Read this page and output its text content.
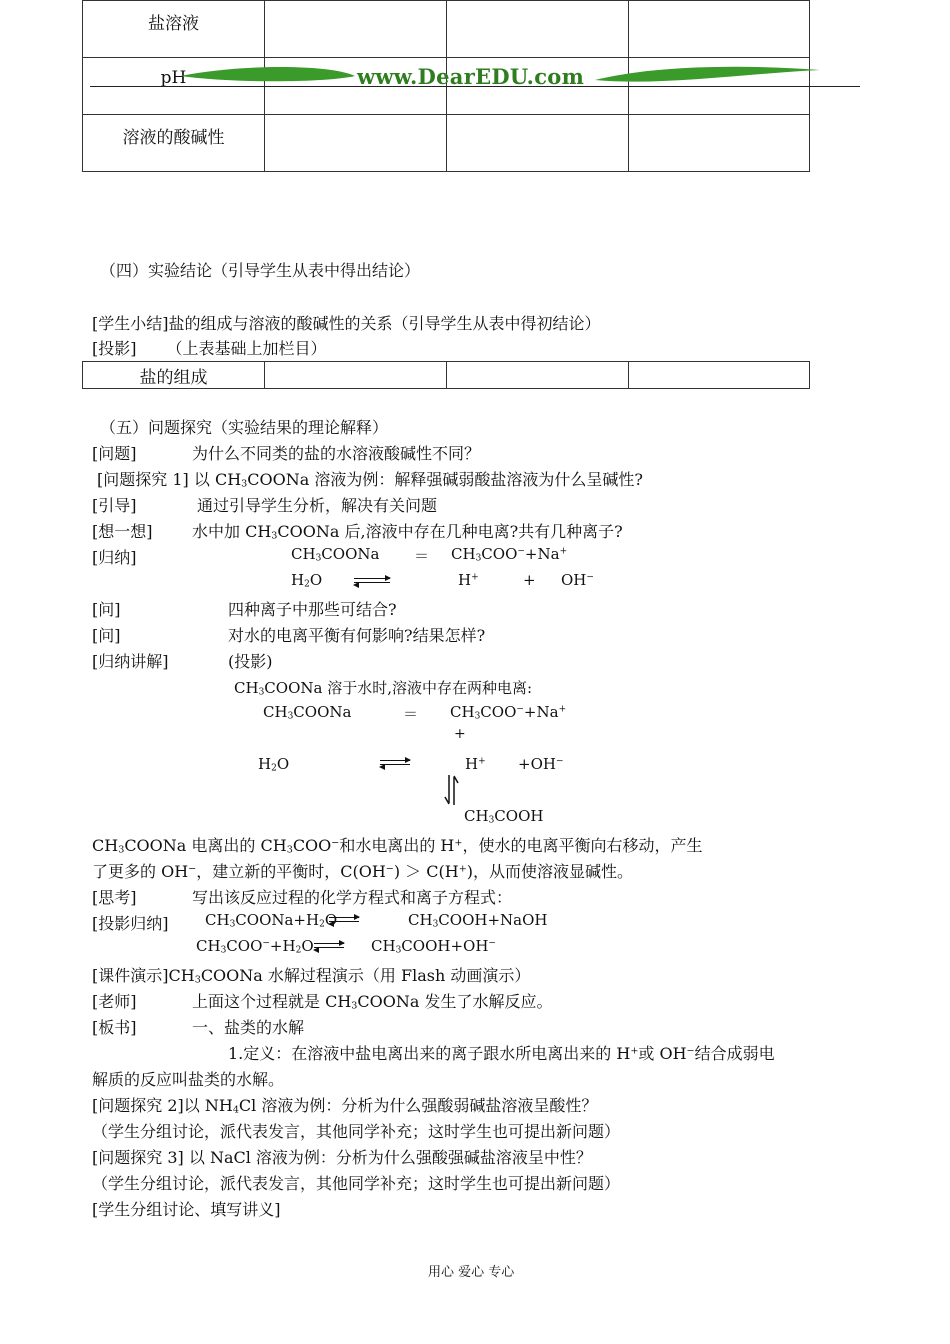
盐溶液			

pH			

溶液的酸碱性			

www.DearEDU.com
（四）实验结论（引导学生从表中得出结论）
[学生小结]盐的组成与溶液的酸碱性的关系（引导学生从表中得初结论）
[投影] （上表基础上加栏目）
盐的组成

（五）问题探究（实验结果的理论解释）
[问题]	为什么不同类的盐的水溶液酸碱性不同？
[问题探究 1] 以 $CH_3COONa$ 溶液为例：解释强碱弱酸盐溶液为什么呈碱性?
[引导]	通过引导学生分析，解决有关问题
[想一想] 水中加 $CH_3COONa$ 后,溶液中存在几种电离?共有几种离子?
[归纳]	$CH_3COONa = CH_3COO^-+Na^+$
$H_2O$	H+	+ OH−
[问]	四种离子中那些可结合?
[问]	对水的电离平衡有何影响?结果怎样?
[归纳讲解]	(投影)
$CH_3COONa$ 溶于水时,溶液中存在两种电离:
$CH_3COONa$	＝ $CH_3COO^-+Na^+$
+
$H_2O$	H+ +OH−
$CH_3COOH$
$CH_3COONa$ 电离出的 $CH_3COO^-$和水电离出的 H+，使水的电离平衡向右移动，产生
了更多的 OH−，建立新的平衡时，C(OH−) ＞ C(H+)，从而使溶液显碱性。
[思考]	写出该反应过程的化学方程式和离子方程式：
[投影归纳] $CH_3COONa+H_2O$	$CH_3COOH+NaOH$
$CH_3COO^-+H_2O\rightleftharpoons$ $CH_3COOH+OH^-$
[课件演示]$CH_3COONa$ 水解过程演示（用 Flash 动画演示）
[老师]	上面这个过程就是 $CH_3COONa$ 发生了水解反应。
[板书]	一、盐类的水解
1.定义：在溶液中盐电离出来的离子跟水所电离出来的 H+或 OH−结合成弱电
解质的反应叫盐类的水解。
[问题探究 2]以 $NH_4Cl$ 溶液为例：分析为什么强酸弱碱盐溶液呈酸性？
（学生分组讨论，派代表发言，其他同学补充；这时学生也可提出新问题）
[问题探究 3] 以 NaCl 溶液为例：分析为什么强酸强碱盐溶液呈中性？
（学生分组讨论，派代表发言，其他同学补充；这时学生也可提出新问题）
[学生分组讨论、填写讲义]
用心 爱心 专心
